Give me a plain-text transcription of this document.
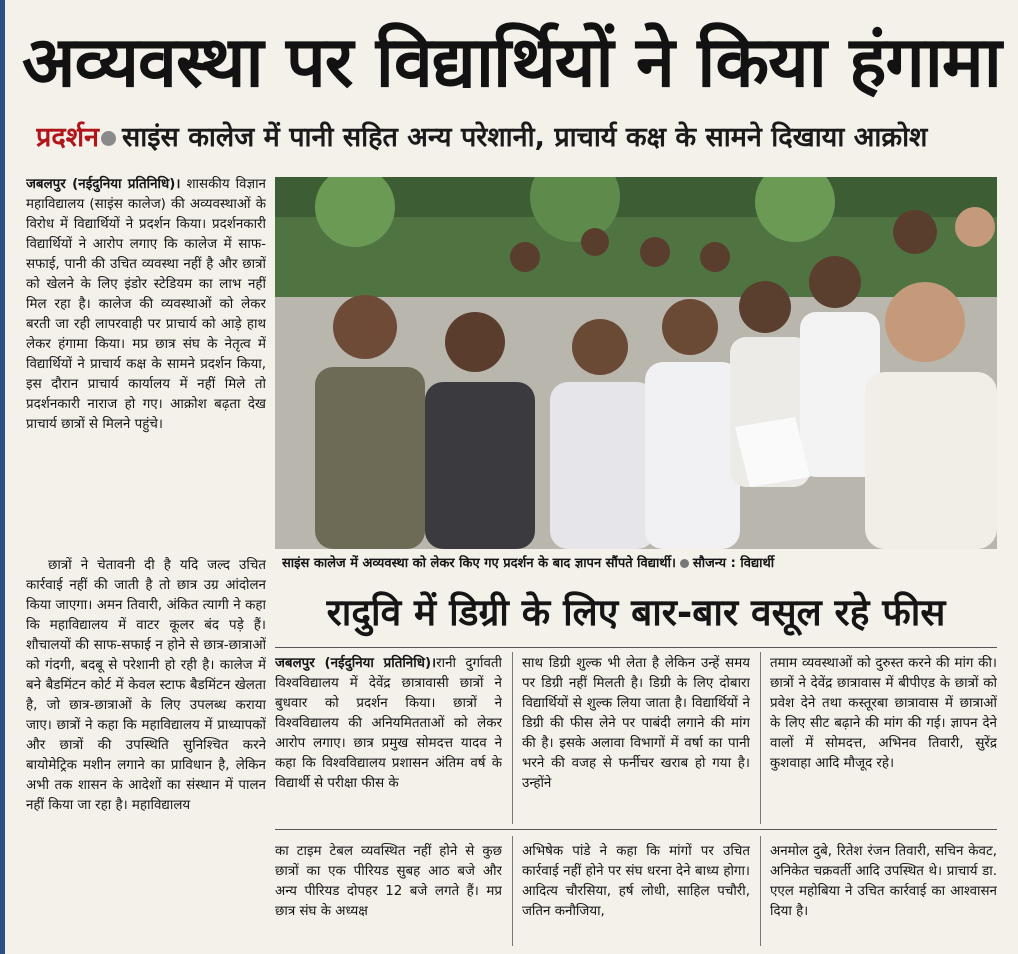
अव्यवस्था पर विद्यार्थियों ने किया हंगामा
प्रदर्शन साइंस कालेज में पानी सहित अन्य परेशानी, प्राचार्य कक्ष के सामने दिखाया आक्रोश

जबलपुर (नईदुनिया प्रतिनिधि)। शासकीय विज्ञान महाविद्यालय (साइंस कालेज) की अव्यवस्थाओं के विरोध में विद्यार्थियों ने प्रदर्शन किया। प्रदर्शनकारी विद्यार्थियों ने आरोप लगाए कि कालेज में साफ-सफाई, पानी की उचित व्यवस्था नहीं है और छात्रों को खेलने के लिए इंडोर स्टेडियम का लाभ नहीं मिल रहा है। कालेज की व्यवस्थाओं को लेकर बरती जा रही लापरवाही पर प्राचार्य को आड़े हाथ लेकर हंगामा किया। मप्र छात्र संघ के नेतृत्व में विद्यार्थियों ने प्राचार्य कक्ष के सामने प्रदर्शन किया, इस दौरान प्राचार्य कार्यालय में नहीं मिले तो प्रदर्शनकारी नाराज हो गए। आक्रोश बढ़ता देख प्राचार्य छात्रों से मिलने पहुंचे।

छात्रों ने चेतावनी दी है यदि जल्द उचित कार्रवाई नहीं की जाती है तो छात्र उग्र आंदोलन किया जाएगा। अमन तिवारी, अंकित त्यागी ने कहा कि महाविद्यालय में वाटर कूलर बंद पड़े हैं। शौचालयों की साफ-सफाई न होने से छात्र-छात्राओं को गंदगी, बदबू से परेशानी हो रही है। कालेज में बने बैडमिंटन कोर्ट में केवल स्टाफ बैडमिंटन खेलता है, जो छात्र-छात्राओं के लिए उपलब्ध कराया जाए। छात्रों ने कहा कि महाविद्यालय में प्राध्यापकों और छात्रों की उपस्थिति सुनिश्चित करने बायोमेट्रिक मशीन लगाने का प्राविधान है, लेकिन अभी तक शासन के आदेशों का संस्थान में पालन नहीं किया जा रहा है। महाविद्यालय

साइंस कालेज में अव्यवस्था को लेकर किए गए प्रदर्शन के बाद ज्ञापन सौंपते विद्यार्थी। सौजन्य : विद्यार्थी
रादुवि में डिग्री के लिए बार-बार वसूल रहे फीस

जबलपुर (नईदुनिया प्रतिनिधि)।रानी दुर्गावती विश्वविद्यालय में देवेंद्र छात्रावासी छात्रों ने बुधवार को प्रदर्शन किया। छात्रों ने विश्वविद्यालय की अनियमितताओं को लेकर आरोप लगाए। छात्र प्रमुख सोमदत्त यादव ने कहा कि विश्वविद्यालय प्रशासन अंतिम वर्ष के विद्यार्थी से परीक्षा फीस के

साथ डिग्री शुल्क भी लेता है लेकिन उन्हें समय पर डिग्री नहीं मिलती है। डिग्री के लिए दोबारा विद्यार्थियों से शुल्क लिया जाता है। विद्यार्थियों ने डिग्री की फीस लेने पर पाबंदी लगाने की मांग की है। इसके अलावा विभागों में वर्षा का पानी भरने की वजह से फर्नीचर खराब हो गया है। उन्होंने

तमाम व्यवस्थाओं को दुरुस्त करने की मांग की। छात्रों ने देवेंद्र छात्रावास में बीपीएड के छात्रों को प्रवेश देने तथा कस्तूरबा छात्रावास में छात्राओं के लिए सीट बढ़ाने की मांग की गई। ज्ञापन देने वालों में सोमदत्त, अभिनव तिवारी, सुरेंद्र कुशवाहा आदि मौजूद रहे।

का टाइम टेबल व्यवस्थित नहीं होने से कुछ छात्रों का एक पीरियड सुबह आठ बजे और अन्य पीरियड दोपहर 12 बजे लगते हैं। मप्र छात्र संघ के अध्यक्ष

अभिषेक पांडे ने कहा कि मांगों पर उचित कार्रवाई नहीं होने पर संघ धरना देने बाध्य होगा। आदित्य चौरसिया, हर्ष लोधी, साहिल पचौरी, जतिन कनौजिया,

अनमोल दुबे, रितेश रंजन तिवारी, सचिन केवट, अनिकेत चक्रवर्ती आदि उपस्थित थे। प्राचार्य डा. एएल महोबिया ने उचित कार्रवाई का आश्वासन दिया है।
